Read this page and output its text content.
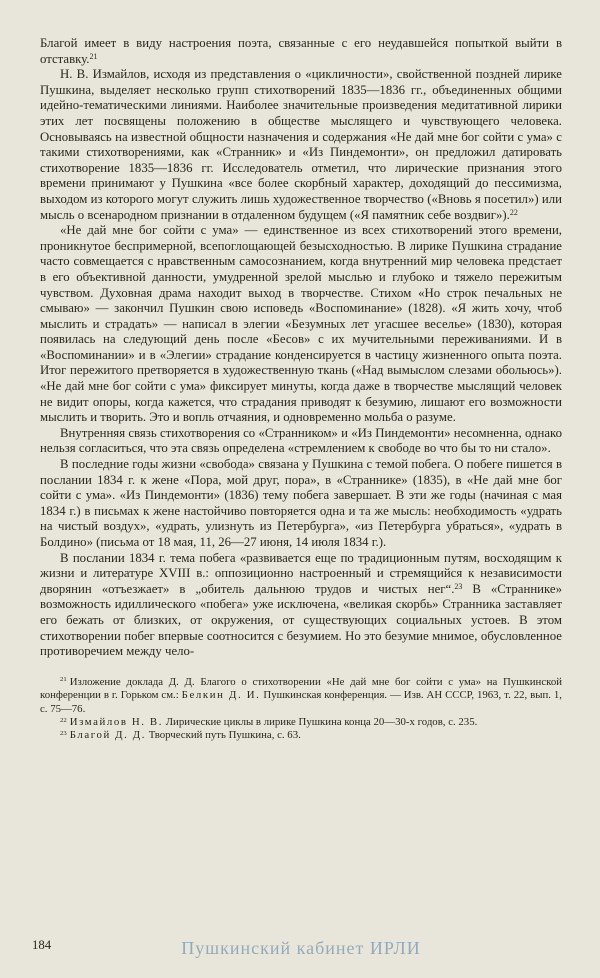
Благой имеет в виду настроения поэта, связанные с его неудавшейся попыткой выйти в отставку.$^{21}$

Н. В. Измайлов, исходя из представления о «цикличности», свойственной поздней лирике Пушкина, выделяет несколько групп стихотворений 1835—1836 гг., объединенных общими идейно-тематическими линиями. Наиболее значительные произведения медитативной лирики этих лет посвящены положению в обществе мыслящего и чувствующего человека. Основываясь на известной общности назначения и содержания «Не дай мне бог сойти с ума» с такими стихотворениями, как «Странник» и «Из Пиндемонти», он предложил датировать стихотворение 1835—1836 гг. Исследователь отметил, что лирические признания этого времени принимают у Пушкина «все более скорбный характер, доходящий до пессимизма, выходом из которого могут служить лишь художественное творчество («Вновь я посетил») или мысль о всенародном признании в отдаленном будущем («Я памятник себе воздвиг»).$^{22}$

«Не дай мне бог сойти с ума» — единственное из всех стихотворений этого времени, проникнутое беспримерной, всепоглощающей безысходностью. В лирике Пушкина страдание часто совмещается с нравственным самосознанием, когда внутренний мир человека предстает в его объективной данности, умудренной зрелой мыслью и глубоко и тяжело пережитым чувством. Духовная драма находит выход в творчестве. Стихом «Но строк печальных не смываю» — закончил Пушкин свою исповедь «Воспоминание» (1828). «Я жить хочу, чтоб мыслить и страдать» — написал в элегии «Безумных лет угасшее веселье» (1830), которая появилась на следующий день после «Бесов» с их мучительными переживаниями. И в «Воспоминании» и в «Элегии» страдание конденсируется в частицу жизненного опыта поэта. Итог пережитого претворяется в художественную ткань («Над вымыслом слезами обольюсь»). «Не дай мне бог сойти с ума» фиксирует минуты, когда даже в творчестве мыслящий человек не видит опоры, когда кажется, что страдания приводят к безумию, лишают его возможности мыслить и творить. Это и вопль отчаяния, и одновременно мольба о разуме.

Внутренняя связь стихотворения со «Странником» и «Из Пиндемонти» несомненна, однако нельзя согласиться, что эта связь определена «стремлением к свободе во что бы то ни стало».

В последние годы жизни «свобода» связана у Пушкина с темой побега. О побеге пишется в послании 1834 г. к жене «Пора, мой друг, пора», в «Страннике» (1835), в «Не дай мне бог сойти с ума». «Из Пиндемонти» (1836) тему побега завершает. В эти же годы (начиная с мая 1834 г.) в письмах к жене настойчиво повторяется одна и та же мысль: необходимость «удрать на чистый воздух», «удрать, улизнуть из Петербурга», «из Петербурга убраться», «удрать в Болдино» (письма от 18 мая, 11, 26—27 июня, 14 июля 1834 г.).

В послании 1834 г. тема побега «развивается еще по традиционным путям, восходящим к жизни и литературе XVIII в.: оппозиционно настроенный и стремящийся к независимости дворянин «отъезжает» в „обитель дальнюю трудов и чистых нег“.$^{23}$ В «Страннике» возможность идиллического «побега» уже исключена, «великая скорбь» Странника заставляет его бежать от близких, от окружения, от существующих социальных устоев. В этом стихотворении побег впервые соотносится с безумием. Но это безумие мнимое, обусловленное противоречием между чело-

$^{21}$ Изложение доклада Д. Д. Благого о стихотворении «Не дай мне бог сойти с ума» на Пушкинской конференции в г. Горьком см.: Белкин Д. И. Пушкинская конференция. — Изв. АН СССР, 1963, т. 22, вып. 1, с. 75—76.

$^{22}$ Измайлов Н. В. Лирические циклы в лирике Пушкина конца 20—30-х годов, с. 235.

$^{23}$ Благой Д. Д. Творческий путь Пушкина, с. 63.

184	Пушкинский кабинет ИРЛИ
